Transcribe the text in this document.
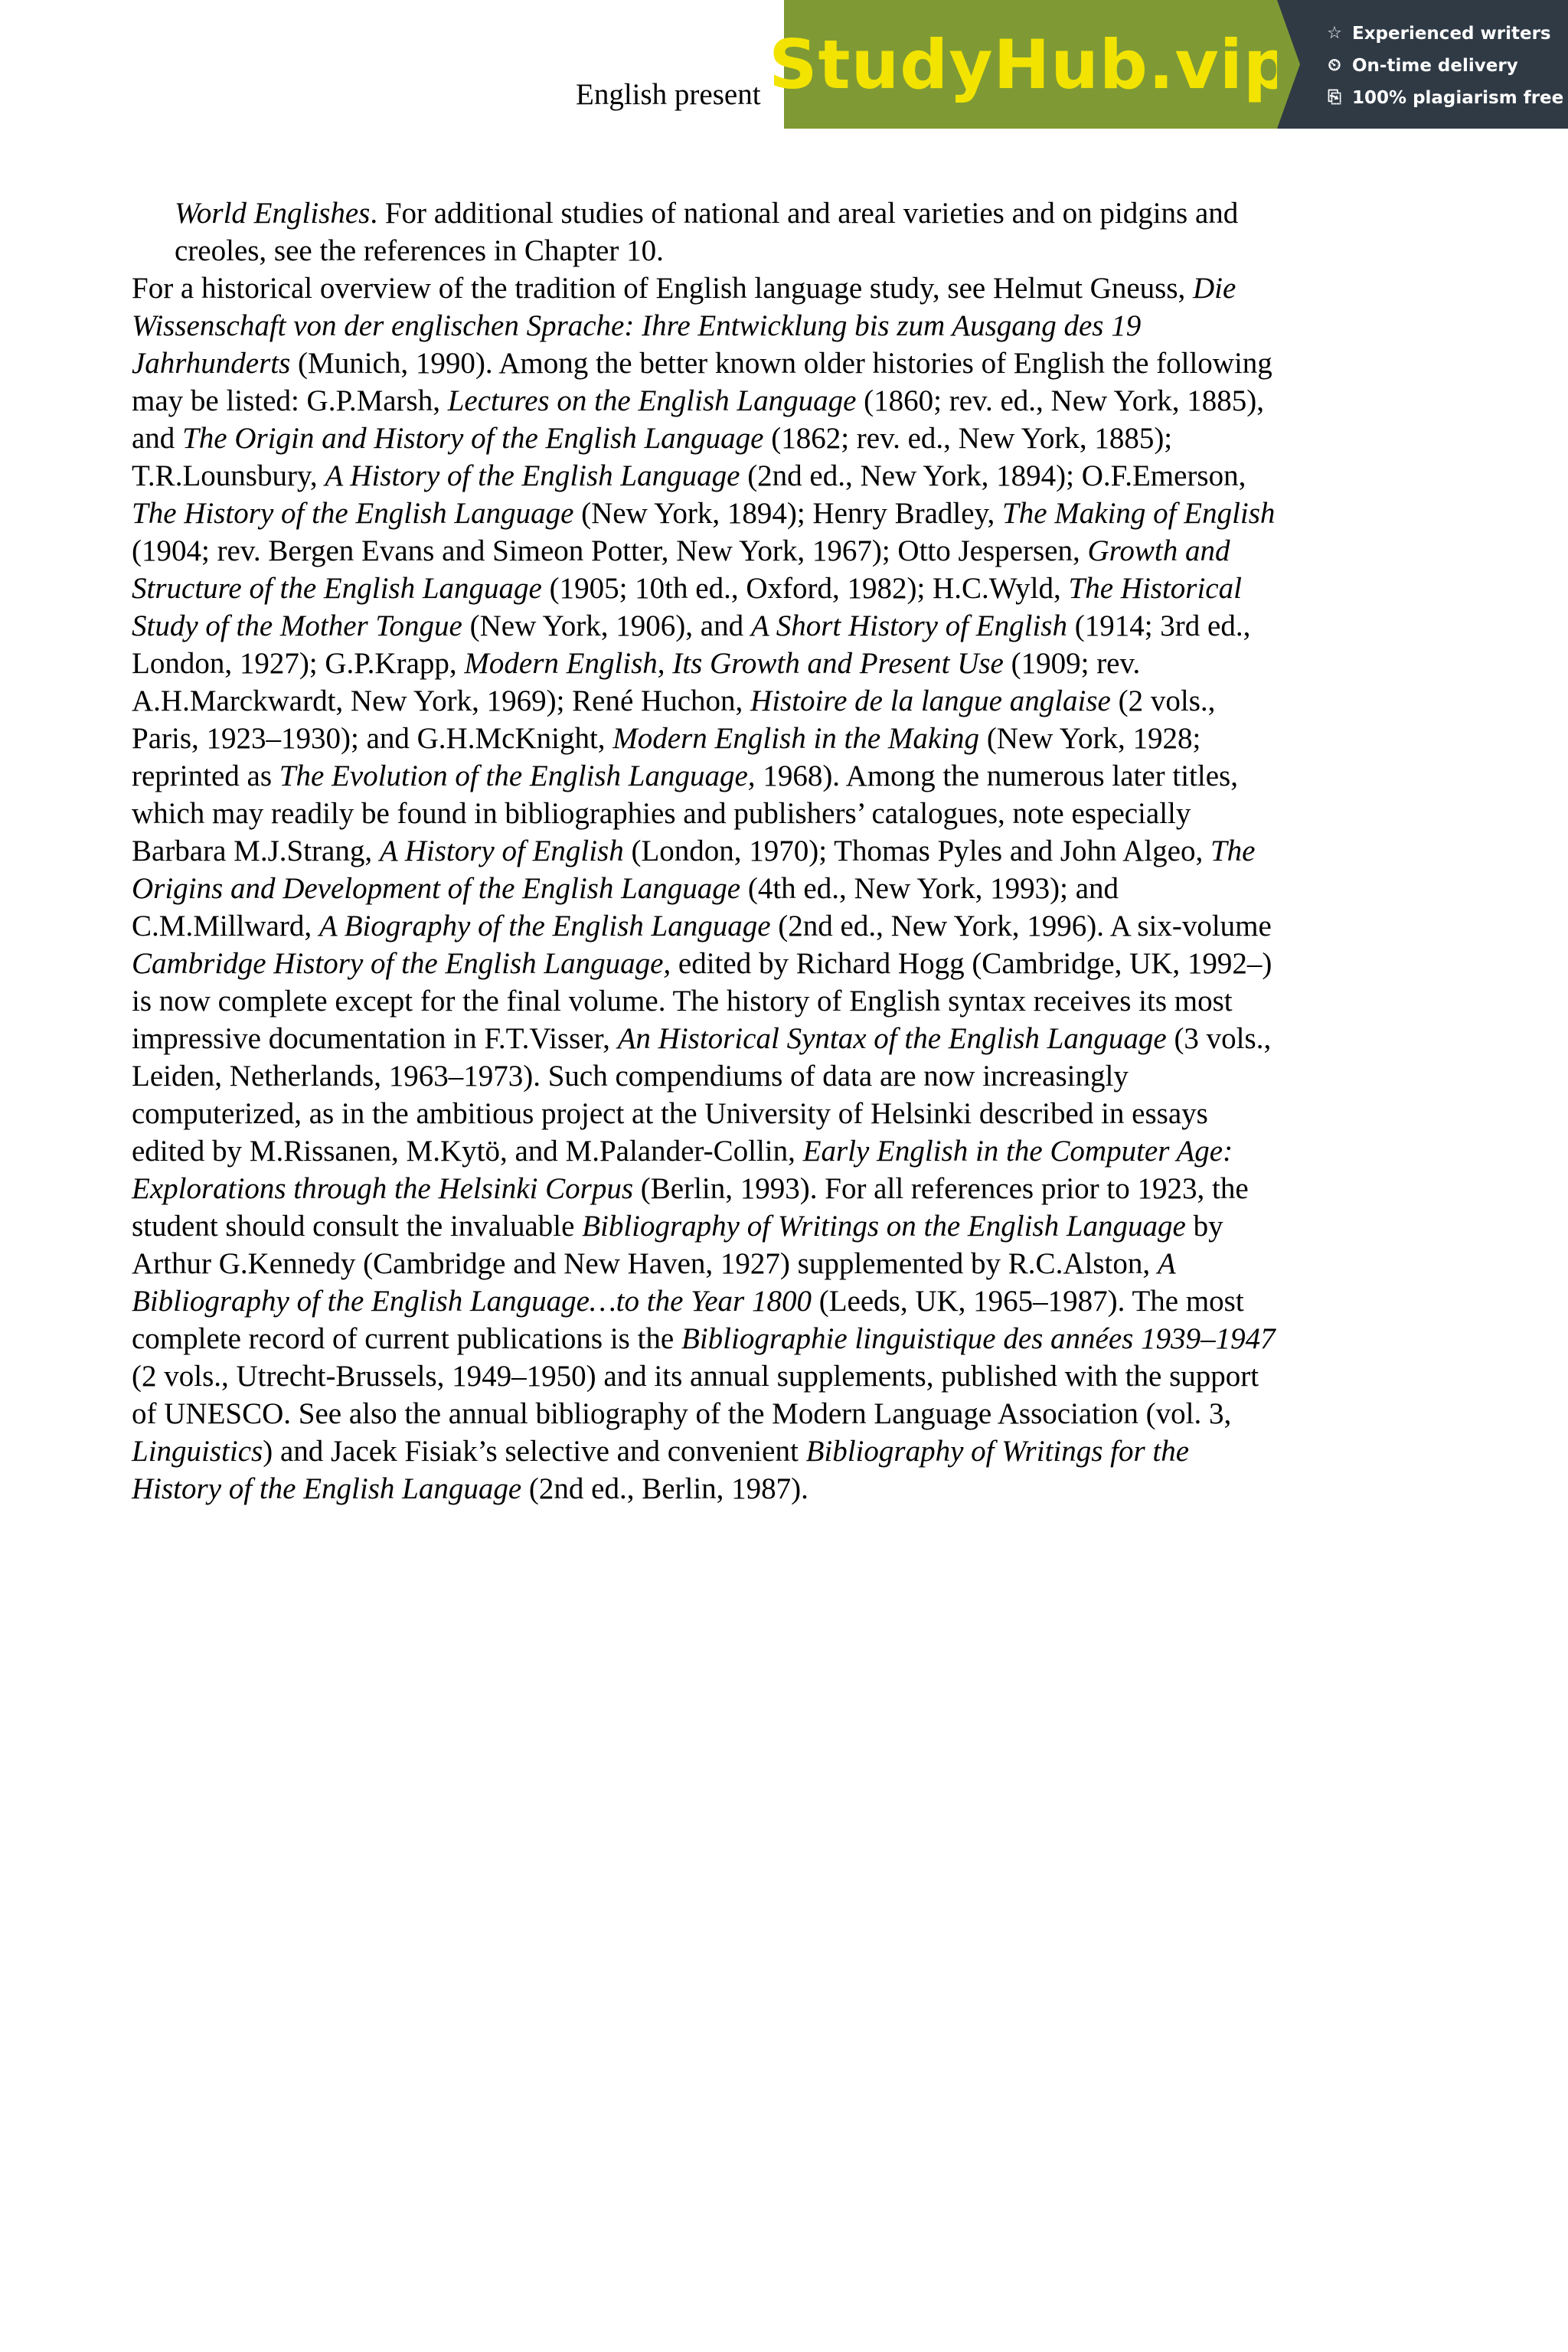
English present StudyHub.vip ☆ Experienced writers
⏲ On-time delivery
⎘ 100% plagiarism free
World Englishes. For additional studies of national and areal varieties and on pidgins and
creoles, see the references in Chapter 10.
For a historical overview of the tradition of English language study, see Helmut Gneuss, Die
Wissenschaft von der englischen Sprache: Ihre Entwicklung bis zum Ausgang des 19
Jahrhunderts (Munich, 1990). Among the better known older histories of English the following
may be listed: G.P.Marsh, Lectures on the English Language (1860; rev. ed., New York, 1885),
and The Origin and History of the English Language (1862; rev. ed., New York, 1885);
T.R.Lounsbury, A History of the English Language (2nd ed., New York, 1894); O.F.Emerson,
The History of the English Language (New York, 1894); Henry Bradley, The Making of English
(1904; rev. Bergen Evans and Simeon Potter, New York, 1967); Otto Jespersen, Growth and
Structure of the English Language (1905; 10th ed., Oxford, 1982); H.C.Wyld, The Historical
Study of the Mother Tongue (New York, 1906), and A Short History of English (1914; 3rd ed.,
London, 1927); G.P.Krapp, Modern English, Its Growth and Present Use (1909; rev.
A.H.Marckwardt, New York, 1969); René Huchon, Histoire de la langue anglaise (2 vols.,
Paris, 1923–1930); and G.H.McKnight, Modern English in the Making (New York, 1928;
reprinted as The Evolution of the English Language, 1968). Among the numerous later titles,
which may readily be found in bibliographies and publishers’ catalogues, note especially
Barbara M.J.Strang, A History of English (London, 1970); Thomas Pyles and John Algeo, The
Origins and Development of the English Language (4th ed., New York, 1993); and
C.M.Millward, A Biography of the English Language (2nd ed., New York, 1996). A six-volume
Cambridge History of the English Language, edited by Richard Hogg (Cambridge, UK, 1992–)
is now complete except for the final volume. The history of English syntax receives its most
impressive documentation in F.T.Visser, An Historical Syntax of the English Language (3 vols.,
Leiden, Netherlands, 1963–1973). Such compendiums of data are now increasingly
computerized, as in the ambitious project at the University of Helsinki described in essays
edited by M.Rissanen, M.Kytö, and M.Palander-Collin, Early English in the Computer Age:
Explorations through the Helsinki Corpus (Berlin, 1993). For all references prior to 1923, the
student should consult the invaluable Bibliography of Writings on the English Language by
Arthur G.Kennedy (Cambridge and New Haven, 1927) supplemented by R.C.Alston, A
Bibliography of the English Language…to the Year 1800 (Leeds, UK, 1965–1987). The most
complete record of current publications is the Bibliographie linguistique des années 1939–1947
(2 vols., Utrecht-Brussels, 1949–1950) and its annual supplements, published with the support
of UNESCO. See also the annual bibliography of the Modern Language Association (vol. 3,
Linguistics) and Jacek Fisiak’s selective and convenient Bibliography of Writings for the
History of the English Language (2nd ed., Berlin, 1987).
